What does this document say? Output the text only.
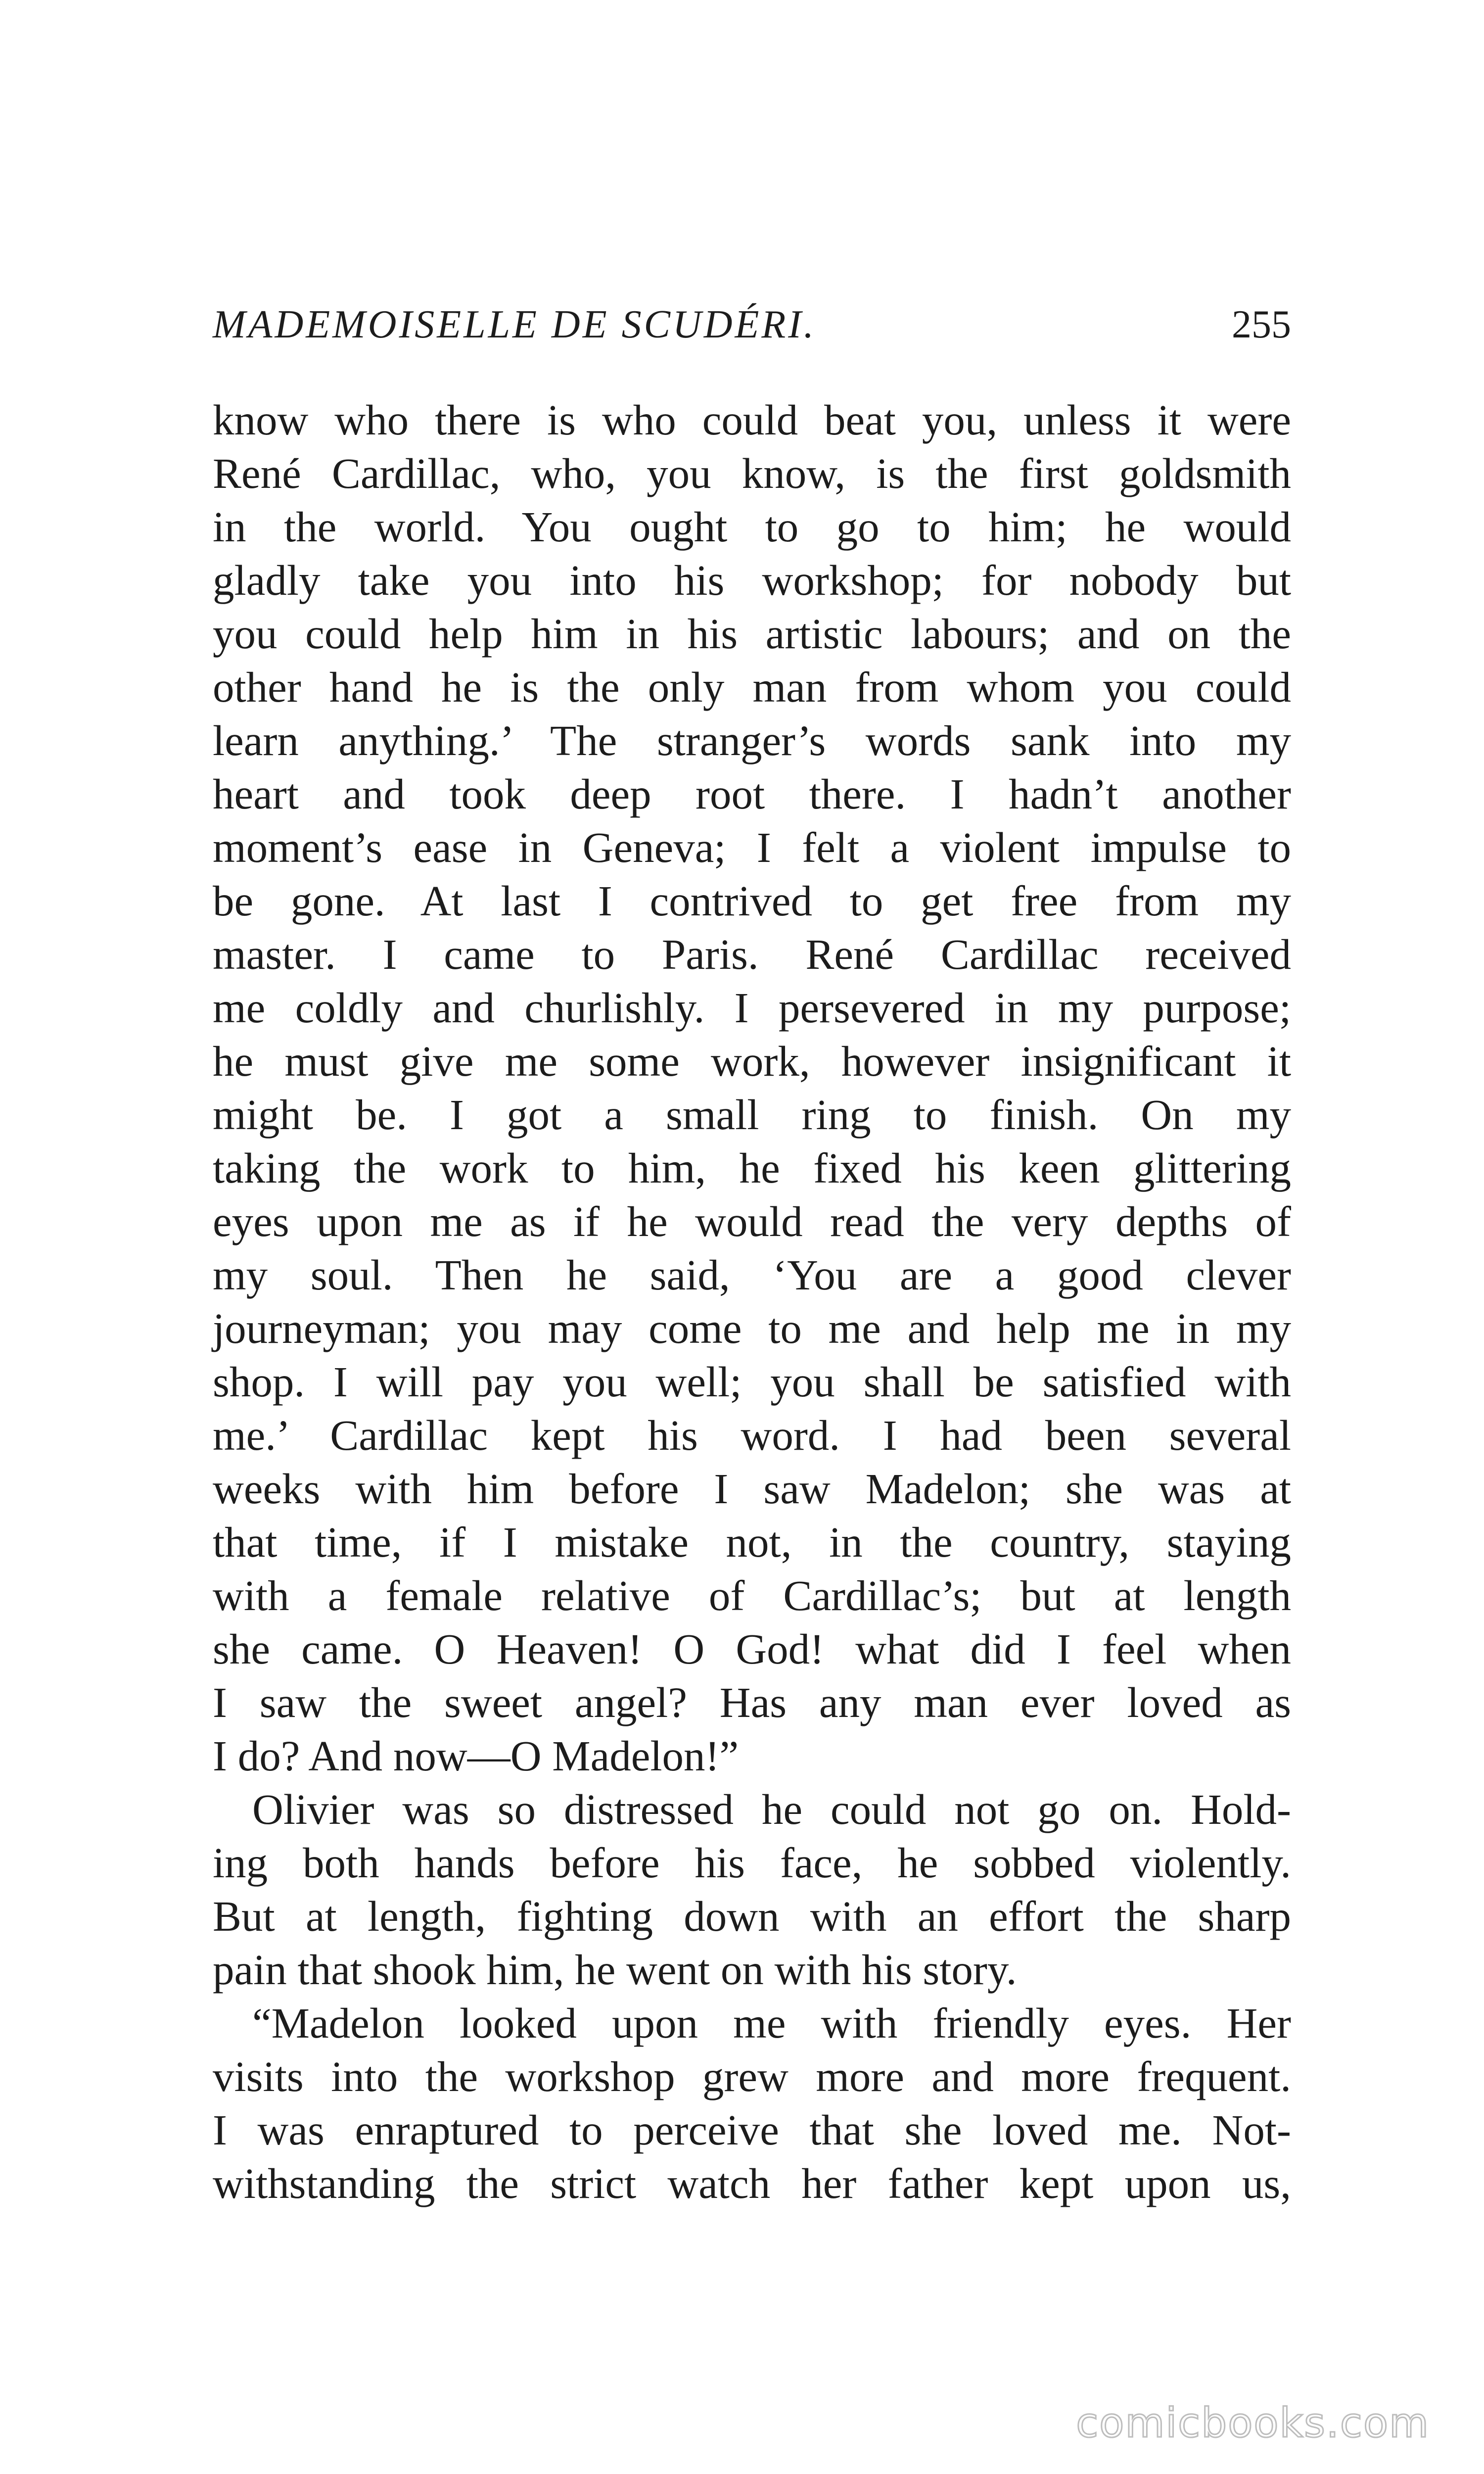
MADEMOISELLE DE SCUDÉRI.	255
know who there is who could beat you, unless it were
René Cardillac, who, you know, is the first goldsmith
in the world. You ought to go to him; he would
gladly take you into his workshop; for nobody but
you could help him in his artistic labours; and on the
other hand he is the only man from whom you could
learn anything.’ The stranger’s words sank into my
heart and took deep root there. I hadn’t another
moment’s ease in Geneva; I felt a violent impulse to
be gone. At last I contrived to get free from my
master. I came to Paris. René Cardillac received
me coldly and churlishly. I persevered in my purpose;
he must give me some work, however insignificant it
might be. I got a small ring to finish. On my
taking the work to him, he fixed his keen glittering
eyes upon me as if he would read the very depths of
my soul. Then he said, ‘You are a good clever
journeyman; you may come to me and help me in my
shop. I will pay you well; you shall be satisfied with
me.’ Cardillac kept his word. I had been several
weeks with him before I saw Madelon; she was at
that time, if I mistake not, in the country, staying
with a female relative of Cardillac’s; but at length
she came. O Heaven! O God! what did I feel when
I saw the sweet angel? Has any man ever loved as
I do? And now—O Madelon!”
Olivier was so distressed he could not go on. Hold-
ing both hands before his face, he sobbed violently.
But at length, fighting down with an effort the sharp
pain that shook him, he went on with his story.
“Madelon looked upon me with friendly eyes. Her
visits into the workshop grew more and more frequent.
I was enraptured to perceive that she loved me. Not-
withstanding the strict watch her father kept upon us,
comicbooks.com
